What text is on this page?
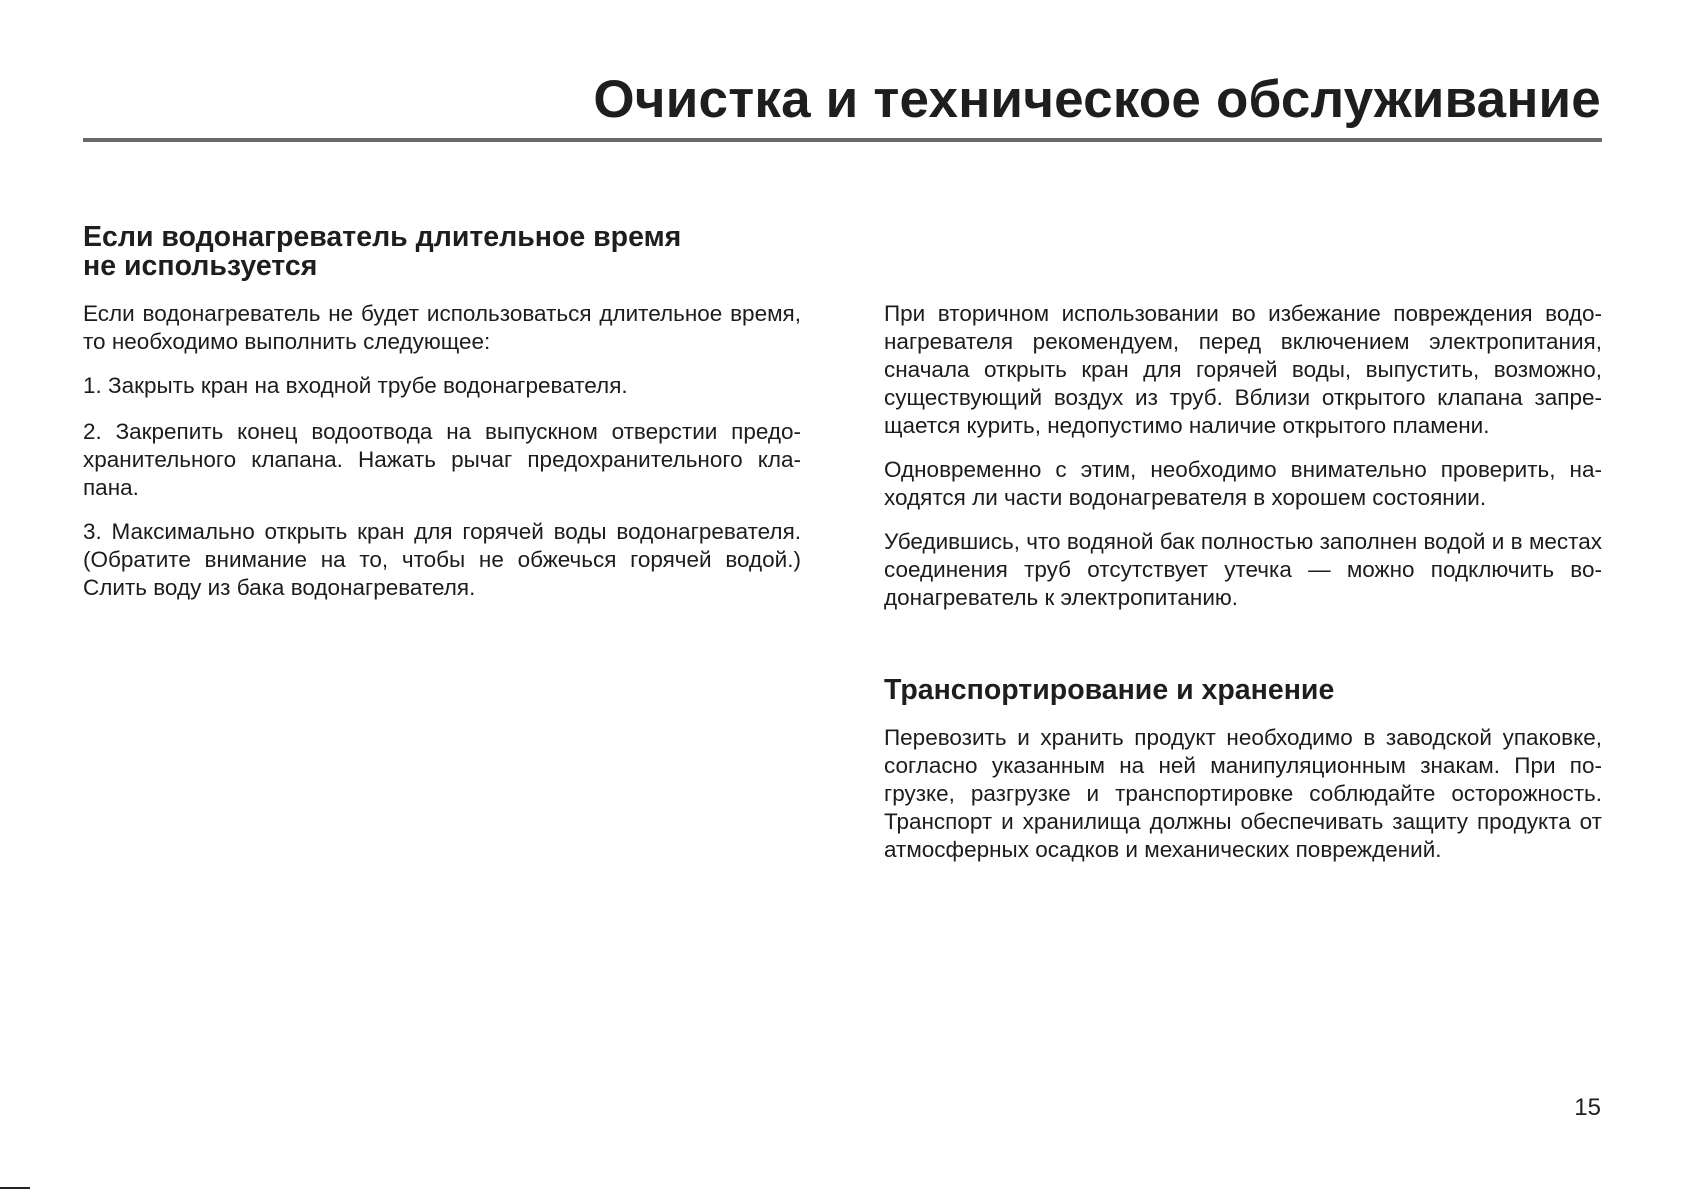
Очистка и техническое обслуживание
Если водонагреватель длительное время
не используется

Если водонагреватель не будет использоваться длительное время, то необходимо выполнить следующее:

1. Закрыть кран на входной трубе водонагревателя.

2. Закрепить конец водоотвода на выпускном отверстии предохранительного клапана. Нажать рычаг предохранительного клапана.

3. Максимально открыть кран для горячей воды водонагревателя. (Обратите внимание на то, чтобы не обжечься горячей водой.) Слить воду из бака водонагревателя.

При вторичном использовании во избежание повреждения водонагревателя рекомендуем, перед включением электропитания, сначала открыть кран для горячей воды, выпустить, возможно, существующий воздух из труб. Вблизи открытого клапана запрещается курить, недопустимо наличие открытого пламени.

Одновременно с этим, необходимо внимательно проверить, находятся ли части водонагревателя в хорошем состоянии.

Убедившись, что водяной бак полностью заполнен водой и в местах соединения труб отсутствует утечка — можно подключить во-донагреватель к электропитанию.

Транспортирование и хранение

Перевозить и хранить продукт необходимо в заводской упаковке, согласно указанным на ней манипуляционным знакам. При погрузке, разгрузке и транспортировке соблюдайте осторожность. Транспорт и хранилища должны обеспечивать защиту продукта от атмосферных осадков и механических повреждений.

15
